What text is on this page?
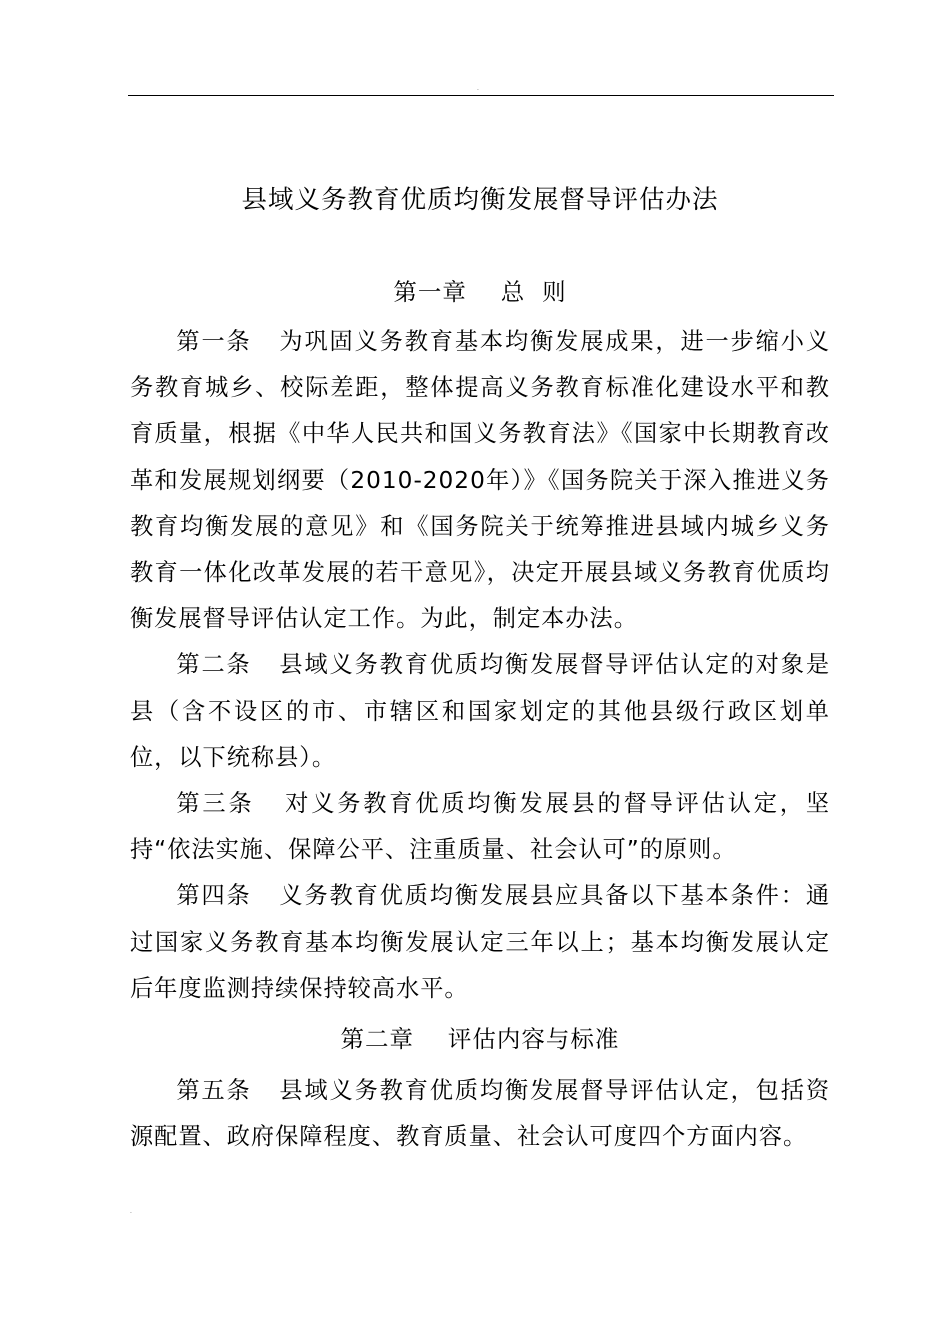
·
县域义务教育优质均衡发展督导评估办法
第一章    总  则

第一条 为巩固义务教育基本均衡发展成果，进一步缩小义务教育城乡、校际差距，整体提高义务教育标准化建设水平和教育质量，根据《中华人民共和国义务教育法》《国家中长期教育改革和发展规划纲要（2010-2020年）》《国务院关于深入推进义务教育均衡发展的意见》和《国务院关于统筹推进县域内城乡义务教育一体化改革发展的若干意见》，决定开展县域义务教育优质均衡发展督导评估认定工作。为此，制定本办法。

第二条 县域义务教育优质均衡发展督导评估认定的对象是县（含不设区的市、市辖区和国家划定的其他县级行政区划单位，以下统称县）。

第三条 对义务教育优质均衡发展县的督导评估认定，坚持“依法实施、保障公平、注重质量、社会认可”的原则。

第四条 义务教育优质均衡发展县应具备以下基本条件：通过国家义务教育基本均衡发展认定三年以上；基本均衡发展认定后年度监测持续保持较高水平。

第二章    评估内容与标准

第五条 县域义务教育优质均衡发展督导评估认定，包括资源配置、政府保障程度、教育质量、社会认可度四个方面内容。

·
